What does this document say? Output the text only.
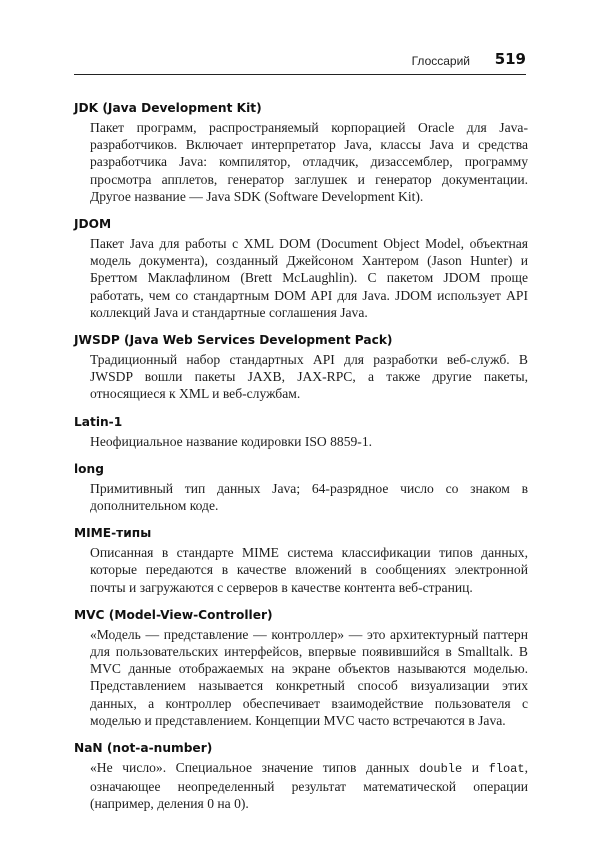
Глоссарий 519
JDK (Java Development Kit)
Пакет программ, распространяемый корпорацией Oracle для Java-разработчиков. Включает интерпретатор Java, классы Java и средства разработчика Java: компилятор, отладчик, дизассемблер, программу просмотра апплетов, генератор заглушек и генератор документации. Другое название — Java SDK (Software Development Kit).
JDOM
Пакет Java для работы с XML DOM (Document Object Model, объектная модель документа), созданный Джейсоном Хантером (Jason Hunter) и Бреттом Маклафлином (Brett McLaughlin). С пакетом JDOM проще работать, чем со стандартным DOM API для Java. JDOM использует API коллекций Java и стандартные соглашения Java.
JWSDP (Java Web Services Development Pack)
Традиционный набор стандартных API для разработки веб-служб. В JWSDP вошли пакеты JAXB, JAX-RPC, а также другие пакеты, относящиеся к XML и веб-службам.
Latin-1
Неофициальное название кодировки ISO 8859-1.
long
Примитивный тип данных Java; 64-разрядное число со знаком в дополнительном коде.
MIME-типы
Описанная в стандарте MIME система классификации типов данных, которые передаются в качестве вложений в сообщениях электронной почты и загружаются с серверов в качестве контента веб-страниц.
MVC (Model-View-Controller)
«Модель — представление — контроллер» — это архитектурный паттерн для пользовательских интерфейсов, впервые появившийся в Smalltalk. В MVC данные отображаемых на экране объектов называются моделью. Представлением называется конкретный способ визуализации этих данных, а контроллер обеспечивает взаимодействие пользователя с моделью и представлением. Концепции MVC часто встречаются в Java.
NaN (not-a-number)
«Не число». Специальное значение типов данных double и float, означающее неопределенный результат математической операции (например, деления 0 на 0).
